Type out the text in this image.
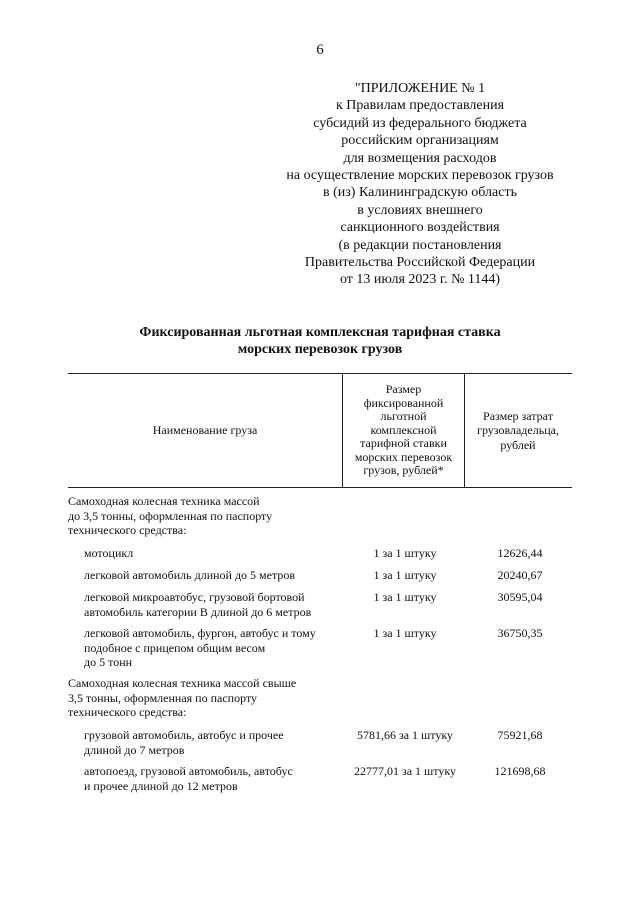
6
"ПРИЛОЖЕНИЕ № 1
к Правилам предоставления
субсидий из федерального бюджета
российским организациям
для возмещения расходов
на осуществление морских перевозок грузов
в (из) Калининградскую область
в условиях внешнего
санкционного воздействия
(в редакции постановления
Правительства Российской Федерации
от 13 июля 2023 г. № 1144)
Фиксированная льготная комплексная тарифная ставка
морских перевозок грузов
Наименование груза
Размер
фиксированной
льготной
комплексной
тарифной ставки
морских перевозок
грузов, рублей*
Размер затрат
грузовладельца,
рублей
Самоходная колесная техника массой
до 3,5 тонны, оформленная по паспорту
технического средства:
мотоцикл	1 за 1 штуку	12626,44
легковой автомобиль длиной до 5 метров	1 за 1 штуку	20240,67
легковой микроавтобус, грузовой бортовой
автомобиль категории В длиной до 6 метров
1 за 1 штуку	30595,04
легковой автомобиль, фургон, автобус и тому
подобное с прицепом общим весом
до 5 тонн
1 за 1 штуку	36750,35
Самоходная колесная техника массой свыше
3,5 тонны, оформленная по паспорту
технического средства:
грузовой автомобиль, автобус и прочее
длиной до 7 метров
5781,66 за 1 штуку	75921,68
автопоезд, грузовой автомобиль, автобус
и прочее длиной до 12 метров
22777,01 за 1 штуку	121698,68
